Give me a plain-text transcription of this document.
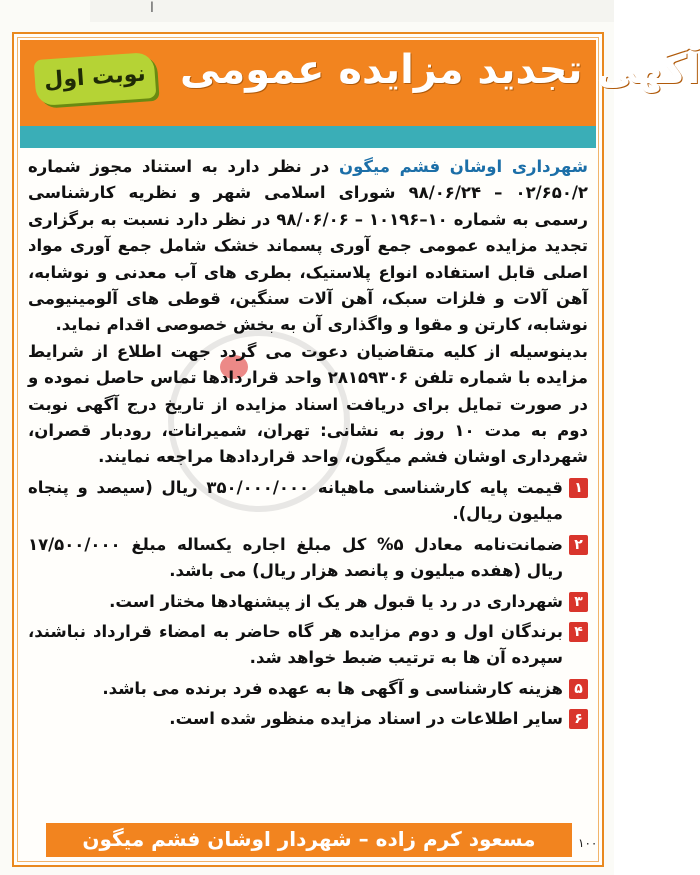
ا
آگهی تجدید مزایده عمومی
نوبت اول

شهرداری اوشان فشم میگون در نظر دارد به استناد مجوز شماره ۰۲/۶۵۰/۲ – ۹۸/۰۶/۲۴ شورای اسلامی شهر و نظریه کارشناسی رسمی به شماره ۱۰–۱۰۱۹۶ – ۹۸/۰۶/۰۶ در نظر دارد نسبت به برگزاری تجدید مزایده عمومی جمع آوری پسماند خشک شامل جمع آوری مواد اصلی قابل استفاده انواع پلاستیک، بطری های آب معدنی و نوشابه، آهن آلات و فلزات سبک، آهن آلات سنگین، قوطی های آلومینیومی نوشابه، کارتن و مقوا و واگذاری آن به بخش خصوصی اقدام نماید.

بدینوسیله از کلیه متقاضیان دعوت می گردد جهت اطلاع از شرایط مزایده با شماره تلفن ۲۸۱۵۹۳۰۶ واحد قراردادها تماس حاصل نموده و در صورت تمایل برای دریافت اسناد مزایده از تاریخ درج آگهی نوبت دوم به مدت ۱۰ روز به نشانی: تهران، شمیرانات، رودبار قصران، شهرداری اوشان فشم میگون، واحد قراردادها مراجعه نمایند.

۱
قیمت پایه کارشناسی ماهیانه ۳۵۰/۰۰۰/۰۰۰ ریال (سیصد و پنجاه میلیون ریال).
۲
ضمانت‌نامه معادل ۵% کل مبلغ اجاره یکساله مبلغ ۱۷/۵۰۰/۰۰۰ ریال (هفده میلیون و پانصد هزار ریال) می باشد.
۳
شهرداری در رد یا قبول هر یک از پیشنهادها مختار است.
۴
برندگان اول و دوم مزایده هر گاه حاضر به امضاء قرارداد نباشند، سپرده آن ها به ترتیب ضبط خواهد شد.
۵
هزینه کارشناسی و آگهی ها به عهده فرد برنده می باشد.
۶
سایر اطلاعات در اسناد مزایده منظور شده است.
مسعود کرم زاده – شهردار اوشان فشم میگون	۱۰۰
